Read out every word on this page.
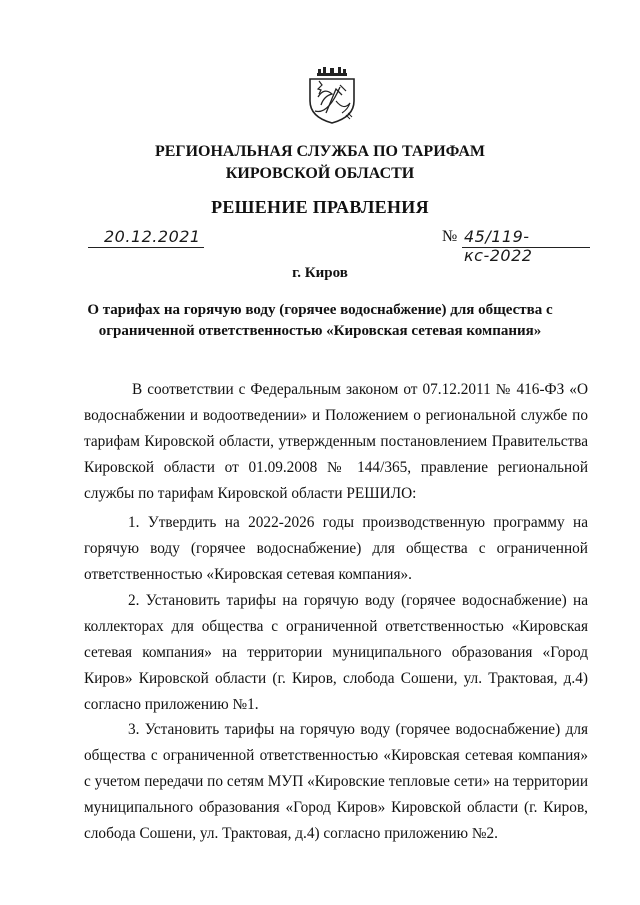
РЕГИОНАЛЬНАЯ СЛУЖБА ПО ТАРИФАМ
КИРОВСКОЙ ОБЛАСТИ
РЕШЕНИЕ ПРАВЛЕНИЯ
20.12.2021	№ 45/119-кс-2022
г. Киров
О тарифах на горячую воду (горячее водоснабжение) для общества с ограниченной ответственностью «Кировская сетевая компания»
В соответствии с Федеральным законом от 07.12.2011 № 416-ФЗ «О водоснабжении и водоотведении» и Положением о региональной службе по тарифам Кировской области, утвержденным постановлением Правительства Кировской области от 01.09.2008 № 144/365, правление региональной службы по тарифам Кировской области РЕШИЛО:
1. Утвердить на 2022-2026 годы производственную программу на горячую воду (горячее водоснабжение) для общества с ограниченной ответственностью «Кировская сетевая компания».
2. Установить тарифы на горячую воду (горячее водоснабжение) на коллекторах для общества с ограниченной ответственностью «Кировская сетевая компания» на территории муниципального образования «Город Киров» Кировской области (г. Киров, слобода Сошени, ул. Трактовая, д.4) согласно приложению №1.
3. Установить тарифы на горячую воду (горячее водоснабжение) для общества с ограниченной ответственностью «Кировская сетевая компания» с учетом передачи по сетям МУП «Кировские тепловые сети» на территории муниципального образования «Город Киров» Кировской области (г. Киров, слобода Сошени, ул. Трактовая, д.4) согласно приложению №2.
